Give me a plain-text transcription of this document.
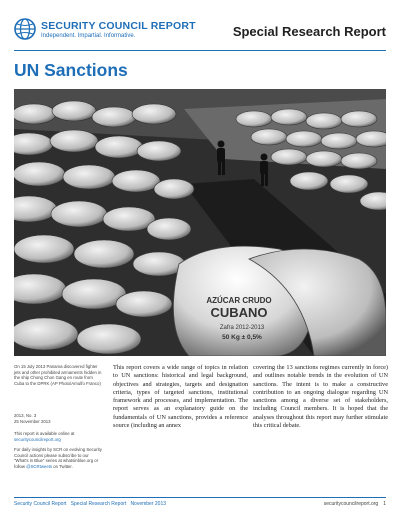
SECURITY COUNCIL REPORT
Independent. Impartial. Informative.	Special Research Report
UN Sanctions
AZÚCAR CRUDO
CUBANO
Zafra 2012-2013
50 Kg ± 0,5%
On 15 July 2013 Panama discovered fighter jets and other prohibited armaments hidden in the ship Chong Chon Gang en route from Cuba to the DPRK (AP Photo/Arnulfo Franco)
2013, No. 3
25 November 2013
This report is available online at securitycouncilreport.org
For daily insights by SCR on evolving Security Council actions please subscribe to our "What's in Blue" series at whatsinblue.org or follow @SCRtweets on Twitter.
This report covers a wide range of topics in relation to UN sanctions: historical and legal background, objectives and strategies, targets and designation criteria, types of targeted sanctions, institutional framework and processes, and implementation. The report serves as an explanatory guide on the fundamentals of UN sanctions, provides a reference source (including an annex
covering the 13 sanctions regimes currently in force) and outlines notable trends in the evolution of UN sanctions. The intent is to make a constructive contribution to an ongoing dialogue regarding UN sanctions among a diverse set of stakeholders, including Council members. It is hoped that the analyses throughout this report may further stimulate this critical debate.
Security Council Report   Special Research Report   November 2013	securitycouncilreport.org 1
